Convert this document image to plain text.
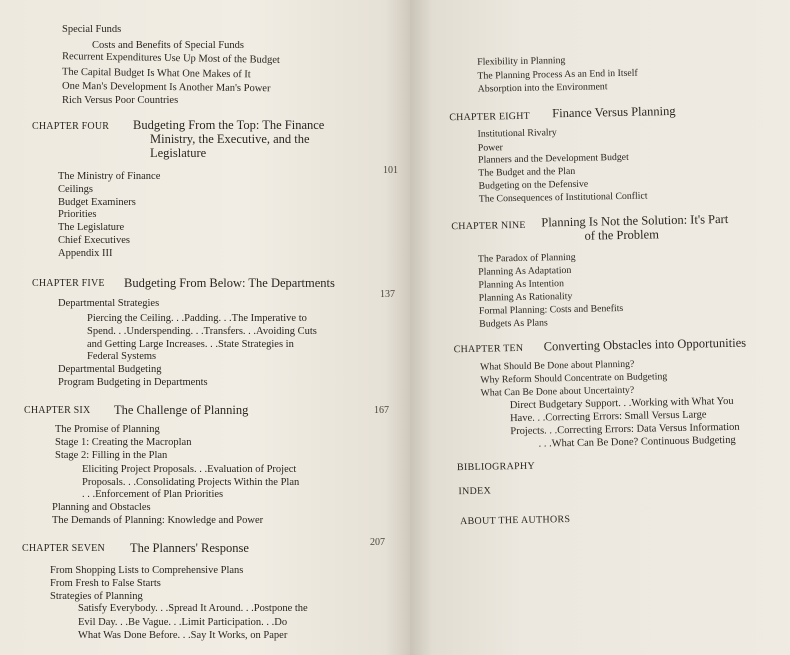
Special Funds
Costs and Benefits of Special Funds
Recurrent Expenditures Use Up Most of the Budget
The Capital Budget Is What One Makes of It
One Man's Development Is Another Man's Power
Rich Versus Poor Countries
CHAPTER FOUR Budgeting From the Top: The Finance
Ministry, the Executive, and the
Legislature
101
The Ministry of Finance
Ceilings
Budget Examiners
Priorities
The Legislature
Chief Executives
Appendix III
CHAPTER FIVE Budgeting From Below: The Departments
137
Departmental Strategies
Piercing the Ceiling. . .Padding. . .The Imperative to
Spend. . .Underspending. . .Transfers. . .Avoiding Cuts
and Getting Large Increases. . .State Strategies in
Federal Systems
Departmental Budgeting
Program Budgeting in Departments
CHAPTER SIX The Challenge of Planning	167
The Promise of Planning
Stage 1: Creating the Macroplan
Stage 2: Filling in the Plan
Eliciting Project Proposals. . .Evaluation of Project
Proposals. . .Consolidating Projects Within the Plan
. . .Enforcement of Plan Priorities
Planning and Obstacles
The Demands of Planning: Knowledge and Power
CHAPTER SEVEN The Planners' Response	207
From Shopping Lists to Comprehensive Plans
From Fresh to False Starts
Strategies of Planning
Satisfy Everybody. . .Spread It Around. . .Postpone the
Evil Day. . .Be Vague. . .Limit Participation. . .Do
What Was Done Before. . .Say It Works, on Paper
Flexibility in Planning
The Planning Process As an End in Itself
Absorption into the Environment
CHAPTER EIGHT Finance Versus Planning
Institutional Rivalry
Power
Planners and the Development Budget
The Budget and the Plan
Budgeting on the Defensive
The Consequences of Institutional Conflict
CHAPTER NINE Planning Is Not the Solution: It's Part
of the Problem
The Paradox of Planning
Planning As Adaptation
Planning As Intention
Planning As Rationality
Formal Planning: Costs and Benefits
Budgets As Plans
CHAPTER TEN Converting Obstacles into Opportunities
What Should Be Done about Planning?
Why Reform Should Concentrate on Budgeting
What Can Be Done about Uncertainty?
Direct Budgetary Support. . .Working with What You
Have. . .Correcting Errors: Small Versus Large
Projects. . .Correcting Errors: Data Versus Information
. . .What Can Be Done? Continuous Budgeting
BIBLIOGRAPHY
INDEX
ABOUT THE AUTHORS
